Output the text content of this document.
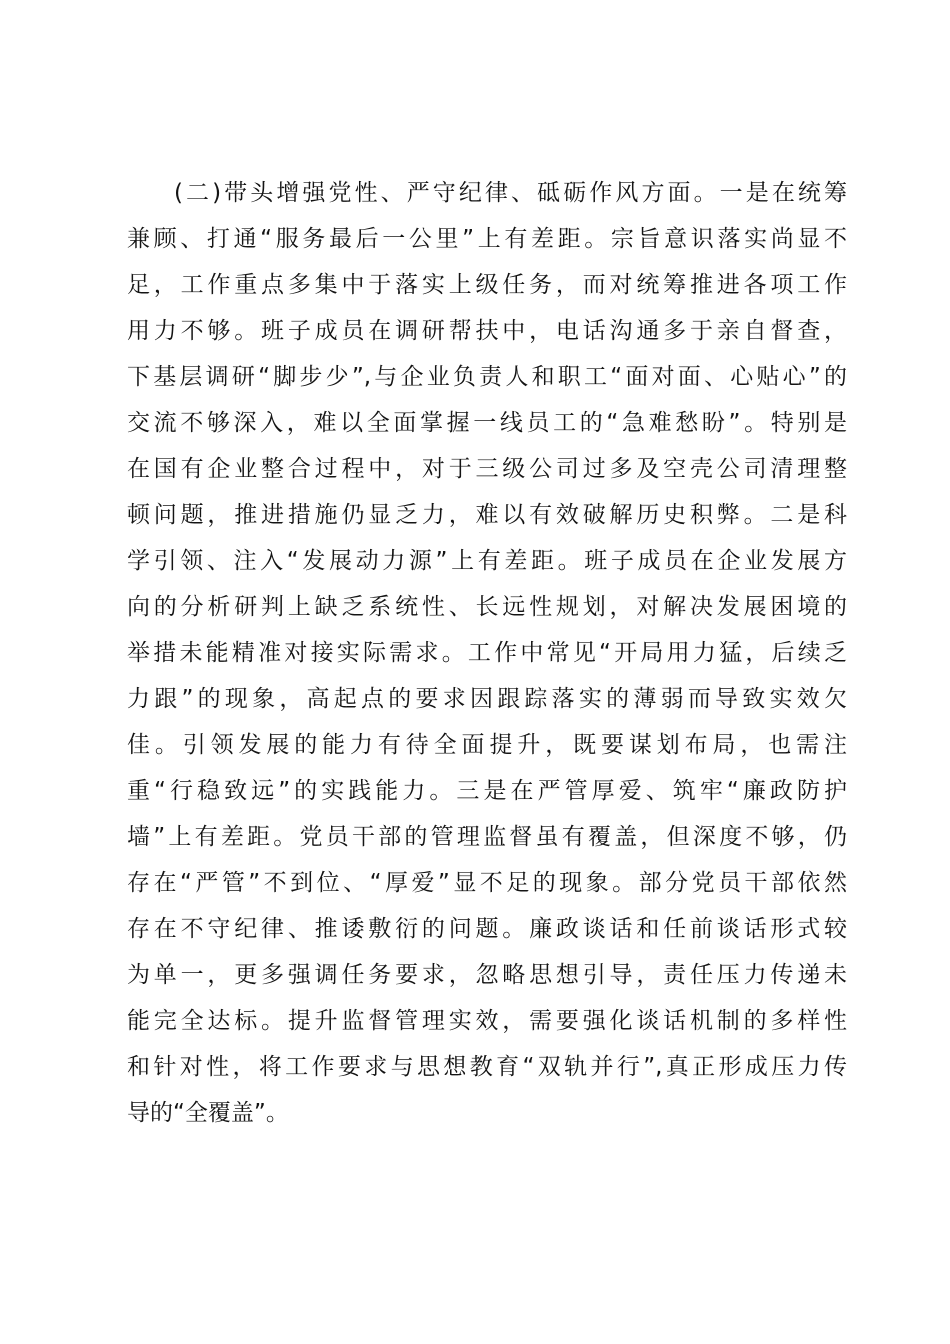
(二)带头增强党性、严守纪律、砥砺作风方面。一是在统筹
兼顾、打通“服务最后一公里”上有差距。宗旨意识落实尚显不
足，工作重点多集中于落实上级任务，而对统筹推进各项工作
用力不够。班子成员在调研帮扶中，电话沟通多于亲自督查，
下基层调研“脚步少”,与企业负责人和职工“面对面、心贴心”的
交流不够深入，难以全面掌握一线员工的“急难愁盼”。特别是
在国有企业整合过程中，对于三级公司过多及空壳公司清理整
顿问题，推进措施仍显乏力，难以有效破解历史积弊。二是科
学引领、注入“发展动力源”上有差距。班子成员在企业发展方
向的分析研判上缺乏系统性、长远性规划，对解决发展困境的
举措未能精准对接实际需求。工作中常见“开局用力猛，后续乏
力跟”的现象，高起点的要求因跟踪落实的薄弱而导致实效欠
佳。引领发展的能力有待全面提升，既要谋划布局，也需注
重“行稳致远”的实践能力。三是在严管厚爱、筑牢“廉政防护
墙”上有差距。党员干部的管理监督虽有覆盖，但深度不够，仍
存在“严管”不到位、“厚爱”显不足的现象。部分党员干部依然
存在不守纪律、推诿敷衍的问题。廉政谈话和任前谈话形式较
为单一，更多强调任务要求，忽略思想引导，责任压力传递未
能完全达标。提升监督管理实效，需要强化谈话机制的多样性
和针对性，将工作要求与思想教育“双轨并行”,真正形成压力传
导的“全覆盖”。
